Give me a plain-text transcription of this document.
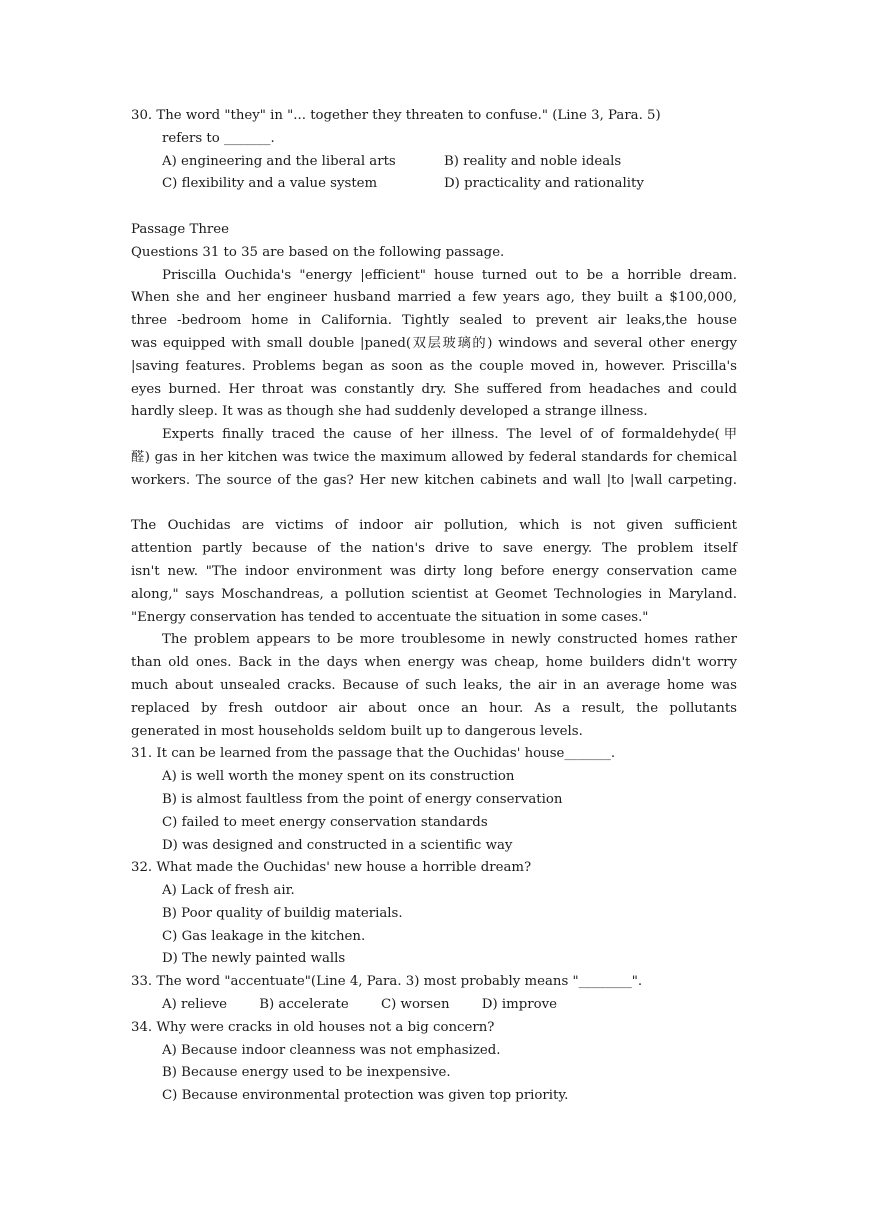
30. The word "they" in "... together they threaten to confuse." (Line 3, Para. 5)
refers to _______.
A) engineering and the liberal arts	B) reality and noble ideals
C) flexibility and a value system	D) practicality and rationality
Passage Three
Questions 31 to 35 are based on the following passage.
Priscilla Ouchida's "energy |efficient" house turned out to be a horrible dream.
When she and her engineer husband married a few years ago, they built a $100,000,
three -bedroom home in California. Tightly sealed to prevent air leaks,the house
was equipped with small double |paned(双层玻璃的) windows and several other energy
|saving features. Problems began as soon as the couple moved in, however. Priscilla's
eyes burned. Her throat was constantly dry. She suffered from headaches and could
hardly sleep. It was as though she had suddenly developed a strange illness.
Experts finally traced the cause of her illness. The level of of formaldehyde(甲
醛) gas in her kitchen was twice the maximum allowed by federal standards for chemical
workers. The source of the gas? Her new kitchen cabinets and wall |to |wall carpeting.
The Ouchidas are victims of indoor air pollution, which is not given sufficient
attention partly because of the nation's drive to save energy. The problem itself
isn't new. "The indoor environment was dirty long before energy conservation came
along," says Moschandreas, a pollution scientist at Geomet Technologies in Maryland.
"Energy conservation has tended to accentuate the situation in some cases."
The problem appears to be more troublesome in newly constructed homes rather
than old ones. Back in the days when energy was cheap, home builders didn't worry
much about unsealed cracks. Because of such leaks, the air in an average home was
replaced by fresh outdoor air about once an hour. As a result, the pollutants
generated in most households seldom built up to dangerous levels.
31. It can be learned from the passage that the Ouchidas' house_______.
A) is well worth the money spent on its construction
B) is almost faultless from the point of energy conservation
C) failed to meet energy conservation standards
D) was designed and constructed in a scientific way
32. What made the Ouchidas' new house a horrible dream?
A) Lack of fresh air.
B) Poor quality of buildig materials.
C) Gas leakage in the kitchen.
D) The newly painted walls
33. The word "accentuate"(Line 4, Para. 3) most probably means "________".
A) relieve B) accelerate C) worsen D) improve
34. Why were cracks in old houses not a big concern?
A) Because indoor cleanness was not emphasized.
B) Because energy used to be inexpensive.
C) Because environmental protection was given top priority.
